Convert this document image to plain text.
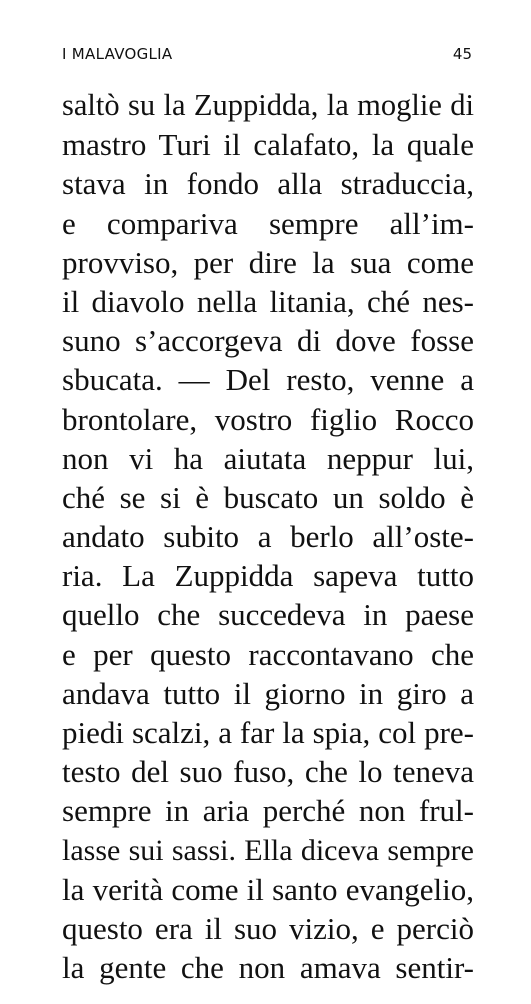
I MALAVOGLIA	45
saltò su la Zuppidda, la moglie di
mastro Turi il calafato, la quale
stava in fondo alla straduccia,
e compariva sempre all’im-
provviso, per dire la sua come
il diavolo nella litania, ché nes-
suno s’accorgeva di dove fosse
sbucata. — Del resto, venne a
brontolare, vostro figlio Rocco
non vi ha aiutata neppur lui,
ché se si è buscato un soldo è
andato subito a berlo all’oste-
ria. La Zuppidda sapeva tutto
quello che succedeva in paese
e per questo raccontavano che
andava tutto il giorno in giro a
piedi scalzi, a far la spia, col pre-
testo del suo fuso, che lo teneva
sempre in aria perché non frul-
lasse sui sassi. Ella diceva sempre
la verità come il santo evangelio,
questo era il suo vizio, e perciò
la gente che non amava sentir-
